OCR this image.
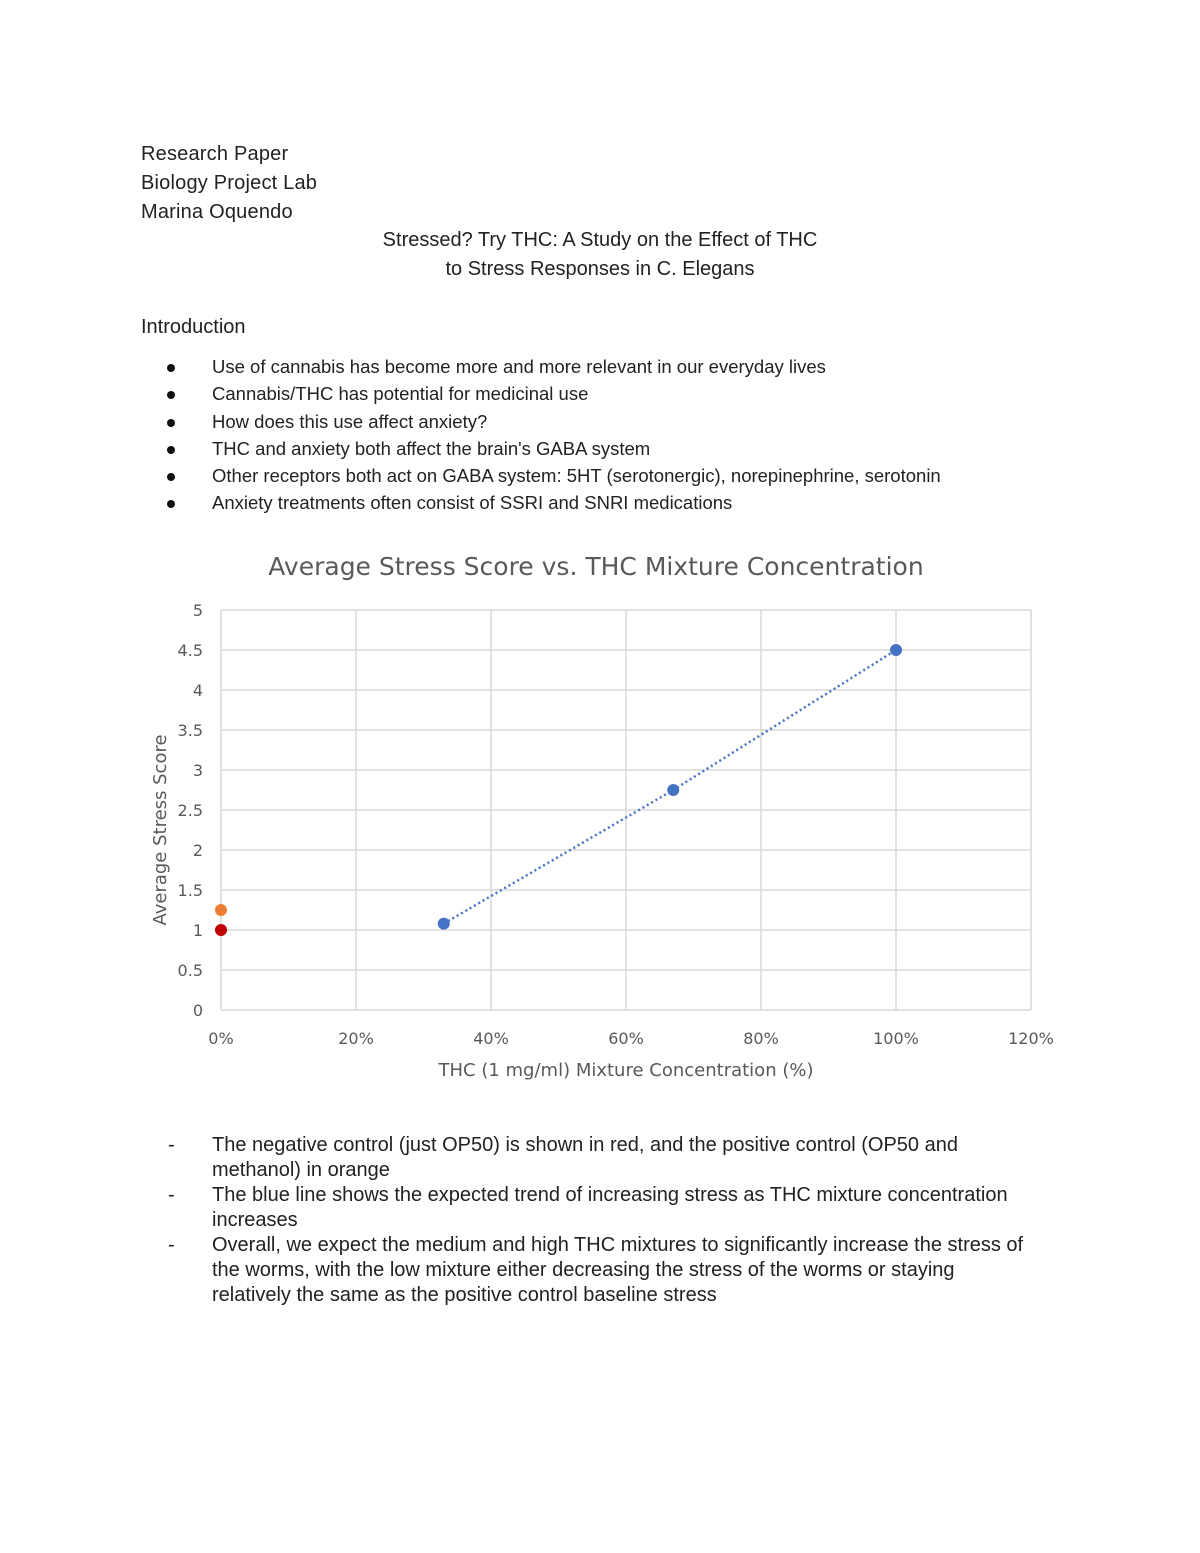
Research Paper
Biology Project Lab
Marina Oquendo
Stressed? Try THC: A Study on the Effect of THC
to Stress Responses in C. Elegans
Introduction
Use of cannabis has become more and more relevant in our everyday lives
Cannabis/THC has potential for medicinal use
How does this use affect anxiety?
THC and anxiety both affect the brain's GABA system
Other receptors both act on GABA system: 5HT (serotonergic), norepinephrine, serotonin
Anxiety treatments often consist of SSRI and SNRI medications
Average Stress Score vs. THC Mixture Concentration
0
0.5
1
1.5
2
2.5
3
3.5
4
4.5
5
0%	20%	40%	60%	80%	100%	120%
THC (1 mg/ml) Mixture Concentration (%)
Average Stress Score
- The negative control (just OP50) is shown in red, and the positive control (OP50 and methanol) in orange
- The blue line shows the expected trend of increasing stress as THC mixture concentration increases
- Overall, we expect the medium and high THC mixtures to significantly increase the stress of the worms, with the low mixture either decreasing the stress of the worms or staying relatively the same as the positive control baseline stress
